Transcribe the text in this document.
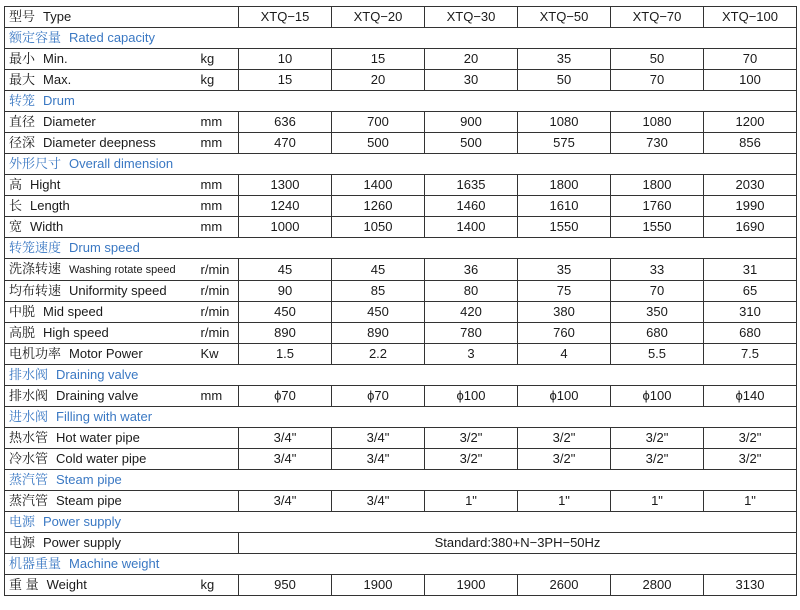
型号 Type		XTQ−15	XTQ−20	XTQ−30	XTQ−50	XTQ−70	XTQ−100
额定容量 Rated capacity							
最小 Min.	kg	10	15	20	35	50	70
最大 Max.	kg	15	20	30	50	70	100
转笼 Drum							
直径 Diameter	mm	636	700	900	1080	1080	1200
径深 Diameter deepness	mm	470	500	500	575	730	856
外形尺寸 Overall dimension							
高 Hight	mm	1300	1400	1635	1800	1800	2030
长 Length	mm	1240	1260	1460	1610	1760	1990
宽 Width	mm	1000	1050	1400	1550	1550	1690
转笼速度 Drum speed							
洗涤转速 Washing rotate speed	r/min	45	45	36	35	33	31
均布转速 Uniformity speed	r/min	90	85	80	75	70	65
中脱 Mid speed	r/min	450	450	420	380	350	310
高脱 High speed	r/min	890	890	780	760	680	680
电机功率 Motor Power	Kw	1.5	2.2	3	4	5.5	7.5
排水阀 Draining valve							
排水阀 Draining valve	mm	ϕ70	ϕ70	ϕ100	ϕ100	ϕ100	ϕ140
进水阀 Filling with water							
热水管 Hot water pipe		3/4"	3/4"	3/2"	3/2"	3/2"	3/2"
冷水管 Cold water pipe		3/4"	3/4"	3/2"	3/2"	3/2"	3/2"
蒸汽管 Steam pipe							
蒸汽管 Steam pipe		3/4"	3/4"	1"	1"	1"	1"
电源 Power supply							
电源 Power supply		Standard:380+N−3PH−50Hz					
机器重量 Machine weight							
重 量 Weight	kg	950	1900	1900	2600	2800	3130
